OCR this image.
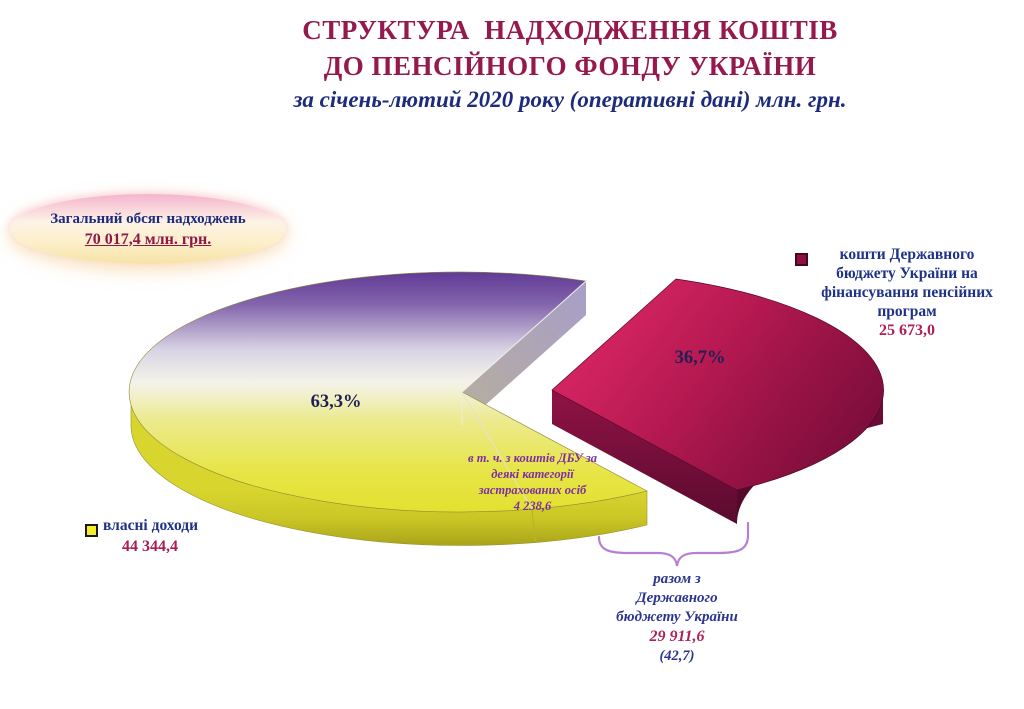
СТРУКТУРА  НАДХОДЖЕННЯ КОШТІВ
ДО ПЕНСІЙНОГО ФОНДУ УКРАЇНИ
за січень-лютий 2020 року (оперативні дані) млн. грн.
Загальний обсяг надходжень
70 017,4 млн. грн.
63,3%
36,7%
кошти Державного
бюджету України на
фінансування пенсійних
програм
25 673,0
власні доходи
44 344,4
в т. ч. з коштів ДБУ за
деякі категорії
застрахованих осіб
4 238,6
разом з
Державного
бюджету України
29 911,6
(42,7)
